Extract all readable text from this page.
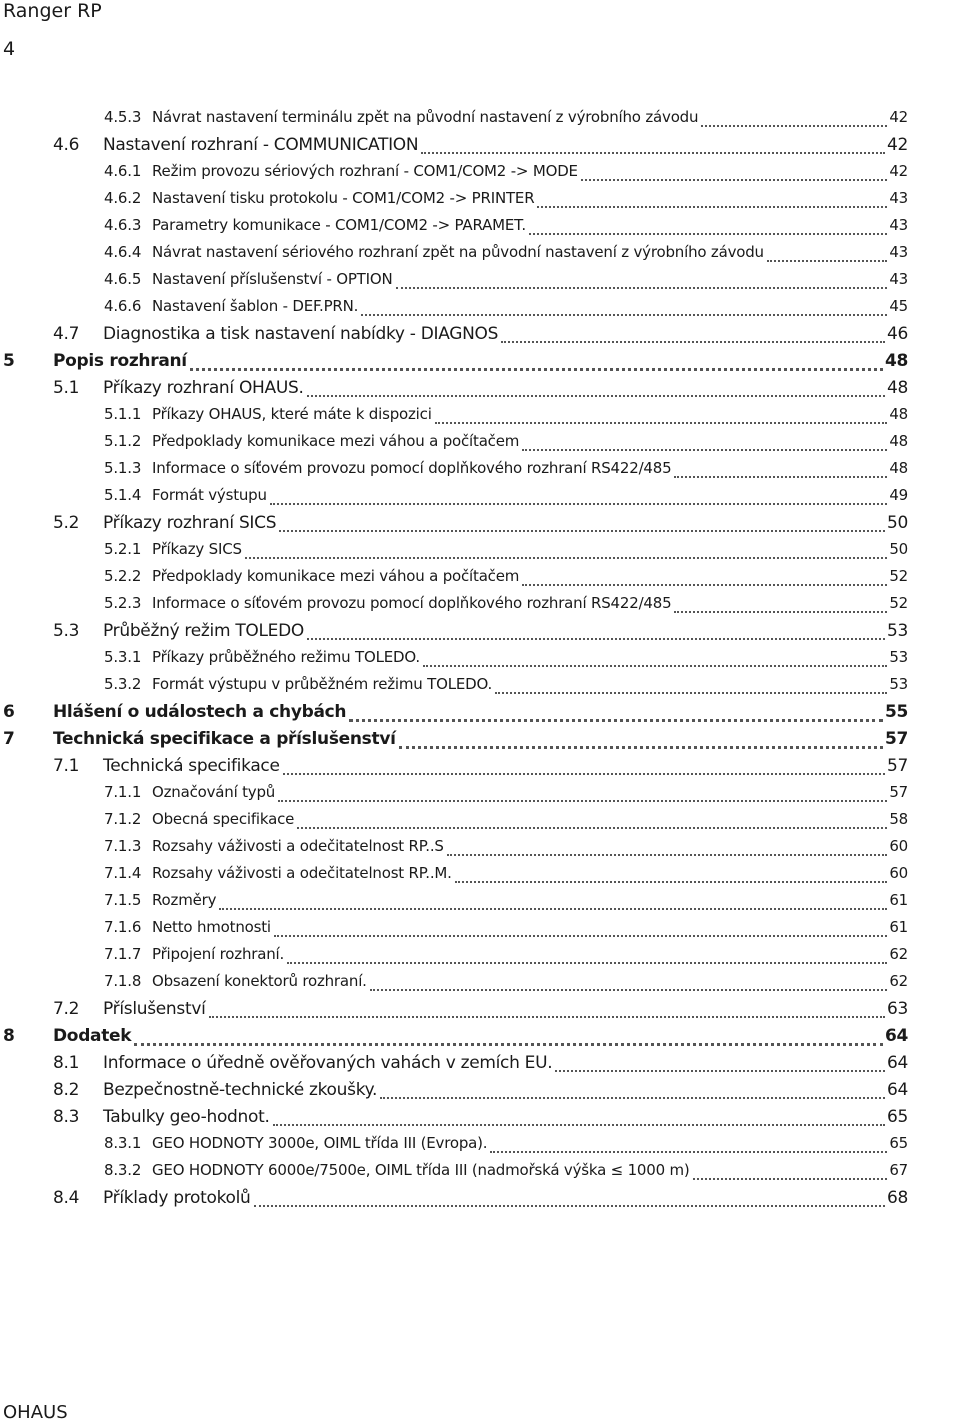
Ranger RP
4
4.5.3 Návrat nastavení terminálu zpět na původní nastavení z výrobního závodu	42
4.6 Nastavení rozhraní - COMMUNICATION	42
4.6.1 Režim provozu sériových rozhraní - COM1/COM2 -> MODE	42
4.6.2 Nastavení tisku protokolu - COM1/COM2 -> PRINTER	43
4.6.3 Parametry komunikace - COM1/COM2 -> PARAMET.	43
4.6.4 Návrat nastavení sériového rozhraní zpět na původní nastavení z výrobního závodu	43
4.6.5 Nastavení příslušenství - OPTION	43
4.6.6 Nastavení šablon - DEF.PRN.	45
4.7 Diagnostika a tisk nastavení nabídky - DIAGNOS	46
5 Popis rozhraní	48
5.1 Příkazy rozhraní OHAUS.	48
5.1.1 Příkazy OHAUS, které máte k dispozici	48
5.1.2 Předpoklady komunikace mezi váhou a počítačem	48
5.1.3 Informace o síťovém provozu pomocí doplňkového rozhraní RS422/485	48
5.1.4 Formát výstupu	49
5.2 Příkazy rozhraní SICS	50
5.2.1 Příkazy SICS	50
5.2.2 Předpoklady komunikace mezi váhou a počítačem	52
5.2.3 Informace o síťovém provozu pomocí doplňkového rozhraní RS422/485	52
5.3 Průběžný režim TOLEDO	53
5.3.1 Příkazy průběžného režimu TOLEDO.	53
5.3.2 Formát výstupu v průběžném režimu TOLEDO.	53
6 Hlášení o událostech a chybách	55
7 Technická specifikace a příslušenství	57
7.1 Technická specifikace	57
7.1.1 Označování typů	57
7.1.2 Obecná specifikace	58
7.1.3 Rozsahy váživosti a odečitatelnost RP..S	60
7.1.4 Rozsahy váživosti a odečitatelnost RP..M.	60
7.1.5 Rozměry	61
7.1.6 Netto hmotnosti	61
7.1.7 Připojení rozhraní.	62
7.1.8 Obsazení konektorů rozhraní.	62
7.2 Příslušenství	63
8 Dodatek	64
8.1 Informace o úředně ověřovaných vahách v zemích EU.	64
8.2 Bezpečnostně-technické zkoušky.	64
8.3 Tabulky geo-hodnot.	65
8.3.1 GEO HODNOTY 3000e, OIML třída III (Evropa).	65
8.3.2 GEO HODNOTY 6000e/7500e, OIML třída III (nadmořská výška ≤ 1000 m)	67
8.4 Příklady protokolů	68
OHAUS
